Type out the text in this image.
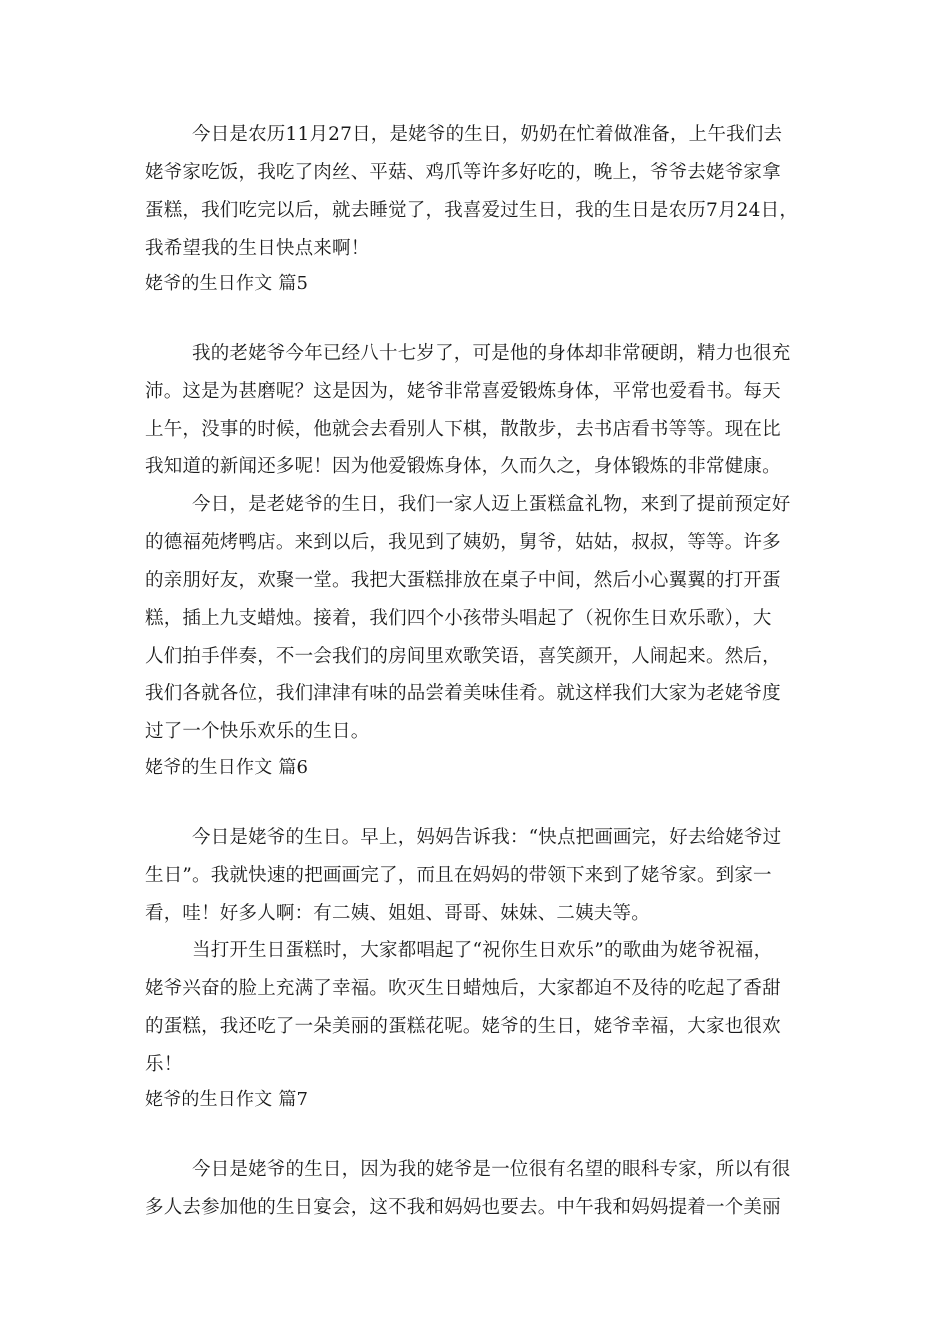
今日是农历11月27日，是姥爷的生日，奶奶在忙着做准备，上午我们去
姥爷家吃饭，我吃了肉丝、平菇、鸡爪等许多好吃的，晚上，爷爷去姥爷家拿
蛋糕，我们吃完以后，就去睡觉了，我喜爱过生日，我的生日是农历7月24日，
我希望我的生日快点来啊！
姥爷的生日作文 篇5
我的老姥爷今年已经八十七岁了，可是他的身体却非常硬朗，精力也很充
沛。这是为甚磨呢？这是因为，姥爷非常喜爱锻炼身体，平常也爱看书。每天
上午，没事的时候，他就会去看别人下棋，散散步，去书店看书等等。现在比
我知道的新闻还多呢！因为他爱锻炼身体，久而久之，身体锻炼的非常健康。
今日，是老姥爷的生日，我们一家人迈上蛋糕盒礼物，来到了提前预定好
的德福苑烤鸭店。来到以后，我见到了姨奶，舅爷，姑姑，叔叔，等等。许多
的亲朋好友，欢聚一堂。我把大蛋糕排放在桌子中间，然后小心翼翼的打开蛋
糕，插上九支蜡烛。接着，我们四个小孩带头唱起了（祝你生日欢乐歌），大
人们拍手伴奏，不一会我们的房间里欢歌笑语，喜笑颜开，人闹起来。然后，
我们各就各位，我们津津有味的品尝着美味佳肴。就这样我们大家为老姥爷度
过了一个快乐欢乐的生日。
姥爷的生日作文 篇6
今日是姥爷的生日。早上，妈妈告诉我：“快点把画画完，好去给姥爷过
生日”。我就快速的把画画完了，而且在妈妈的带领下来到了姥爷家。到家一
看，哇！好多人啊：有二姨、姐姐、哥哥、妹妹、二姨夫等。
当打开生日蛋糕时，大家都唱起了“祝你生日欢乐”的歌曲为姥爷祝福，
姥爷兴奋的脸上充满了幸福。吹灭生日蜡烛后，大家都迫不及待的吃起了香甜
的蛋糕，我还吃了一朵美丽的蛋糕花呢。姥爷的生日，姥爷幸福，大家也很欢
乐！
姥爷的生日作文 篇7
今日是姥爷的生日，因为我的姥爷是一位很有名望的眼科专家，所以有很
多人去参加他的生日宴会，这不我和妈妈也要去。中午我和妈妈提着一个美丽
